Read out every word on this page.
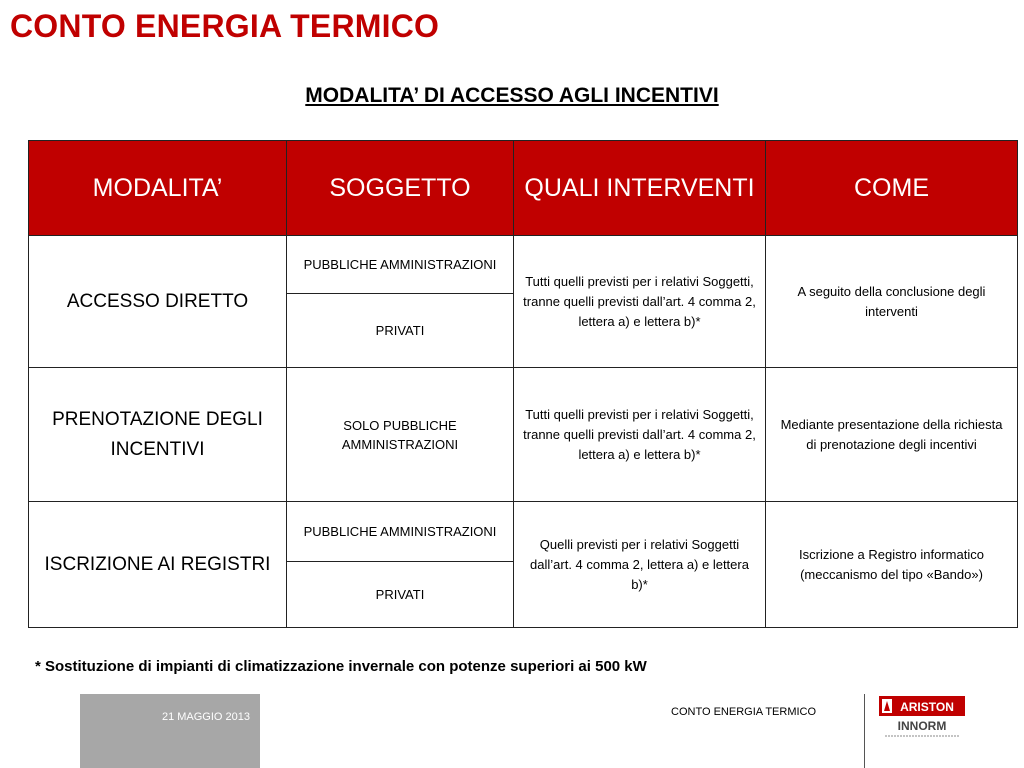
CONTO ENERGIA TERMICO
MODALITA’ DI ACCESSO AGLI INCENTIVI
MODALITA’	SOGGETTO	QUALI INTERVENTI	COME
ACCESSO DIRETTO	PUBBLICHE AMMINISTRAZIONI	Tutti quelli previsti per i relativi Soggetti, tranne quelli previsti dall’art. 4 comma 2, lettera a) e lettera b)*	A seguito della conclusione degli interventi
	PRIVATI		
PRENOTAZIONE DEGLI INCENTIVI	SOLO PUBBLICHE AMMINISTRAZIONI	Tutti quelli previsti per i relativi Soggetti, tranne quelli previsti dall’art. 4 comma 2, lettera a) e lettera b)*	Mediante presentazione della richiesta di prenotazione degli incentivi
ISCRIZIONE AI REGISTRI	PUBBLICHE AMMINISTRAZIONI	Quelli previsti per i relativi Soggetti dall’art. 4 comma 2, lettera a) e lettera b)*	Iscrizione a Registro informatico (meccanismo del tipo «Bando»)
	PRIVATI		
* Sostituzione di impianti di climatizzazione invernale con potenze superiori ai 500 kW
21 MAGGIO 2013	CONTO ENERGIA TERMICO	ARISTON
INNORM
